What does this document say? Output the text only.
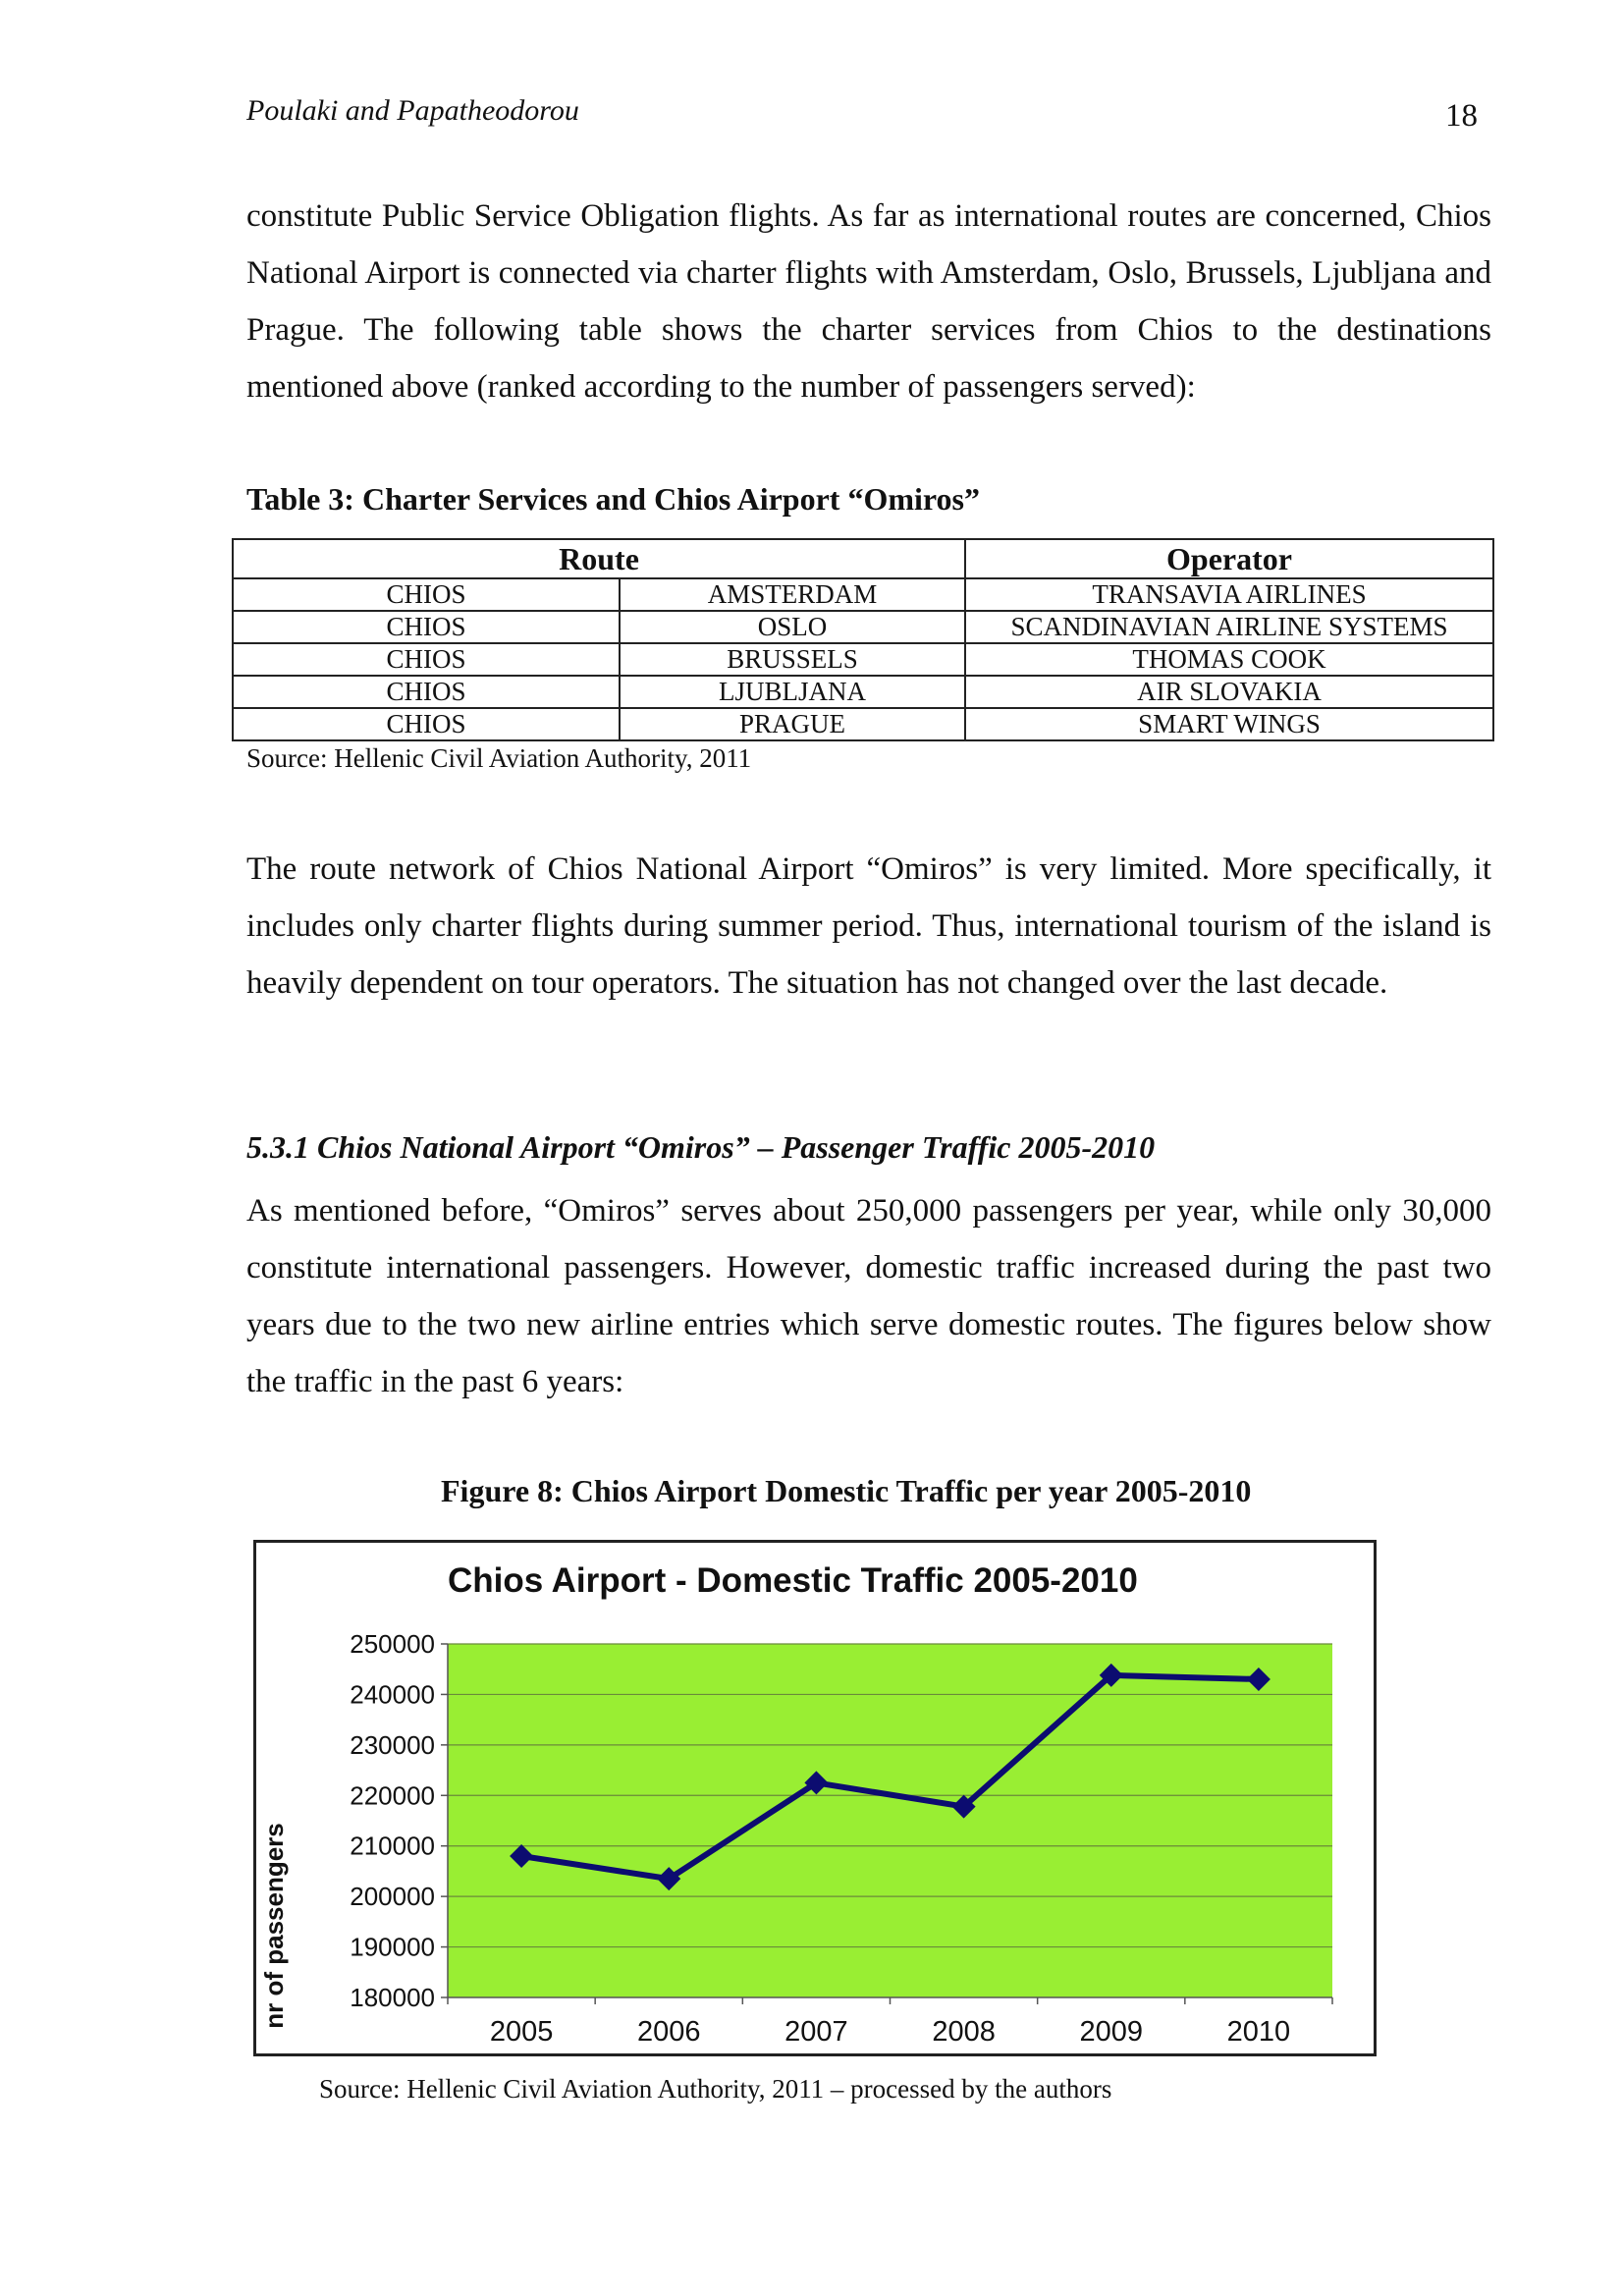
Poulaki and Papatheodorou	18

constitute Public Service Obligation flights. As far as international routes are concerned, Chios National Airport is connected via charter flights with Amsterdam, Oslo, Brussels, Ljubljana and Prague. The following table shows the charter services from Chios to the destinations mentioned above (ranked according to the number of passengers served):

Table 3: Charter Services and Chios Airport “Omiros”
Route		Operator
CHIOS	AMSTERDAM	TRANSAVIA AIRLINES
CHIOS	OSLO	SCANDINAVIAN AIRLINE SYSTEMS
CHIOS	BRUSSELS	THOMAS COOK
CHIOS	LJUBLJANA	AIR SLOVAKIA
CHIOS	PRAGUE	SMART WINGS
Source: Hellenic Civil Aviation Authority, 2011

The route network of Chios National Airport “Omiros” is very limited. More specifically, it includes only charter flights during summer period. Thus, international tourism of the island is heavily dependent on tour operators. The situation has not changed over the last decade.

5.3.1 Chios National Airport “Omiros” – Passenger Traffic 2005-2010

As mentioned before, “Omiros” serves about 250,000 passengers per year, while only 30,000 constitute international passengers. However, domestic traffic increased during the past two years due to the two new airline entries which serve domestic routes. The figures below show the traffic in the past 6 years:

Figure 8: Chios Airport Domestic Traffic per year 2005-2010
Chios Airport - Domestic Traffic 2005-2010
nr of passengers 180000
190000
200000
210000
220000
230000
240000
250000
2005	2006	2007	2008	2009	2010
Source: Hellenic Civil Aviation Authority, 2011 – processed by the authors
